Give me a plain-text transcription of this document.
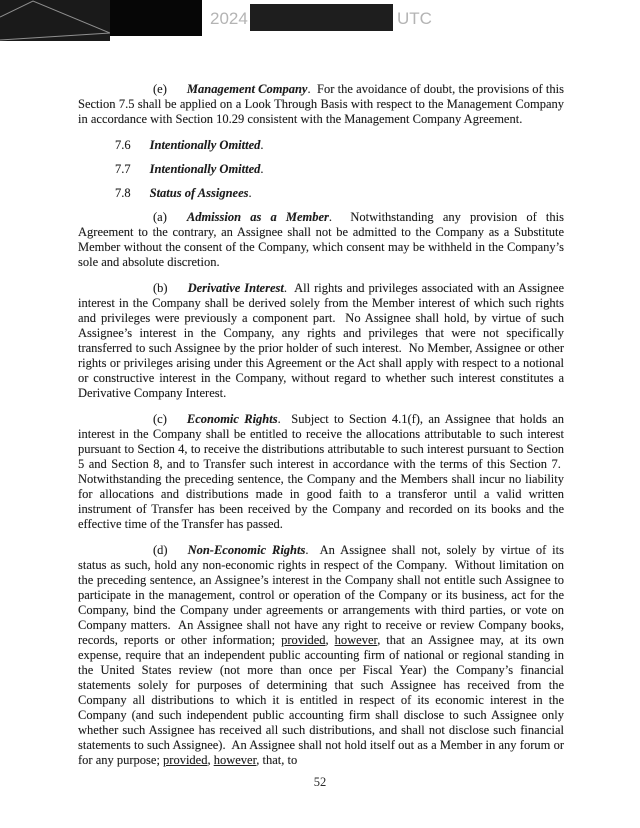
2024	UTC

(e) Management Company.  For the avoidance of doubt, the provisions of this Section 7.5 shall be applied on a Look Through Basis with respect to the Management Company in accordance with Section 10.29 consistent with the Management Company Agreement.

7.6 Intentionally Omitted.

7.7 Intentionally Omitted.

7.8 Status of Assignees.

(a) Admission as a Member.  Notwithstanding any provision of this Agreement to the contrary, an Assignee shall not be admitted to the Company as a Substitute Member without the consent of the Company, which consent may be withheld in the Company’s sole and absolute discretion.

(b) Derivative Interest.  All rights and privileges associated with an Assignee interest in the Company shall be derived solely from the Member interest of which such rights and privileges were previously a component part.  No Assignee shall hold, by virtue of such Assignee’s interest in the Company, any rights and privileges that were not specifically transferred to such Assignee by the prior holder of such interest.  No Member, Assignee or other rights or privileges arising under this Agreement or the Act shall apply with respect to a notional or constructive interest in the Company, without regard to whether such interest constitutes a Derivative Company Interest.

(c) Economic Rights.  Subject to Section 4.1(f), an Assignee that holds an interest in the Company shall be entitled to receive the allocations attributable to such interest pursuant to Section 4, to receive the distributions attributable to such interest pursuant to Section 5 and Section 8, and to Transfer such interest in accordance with the terms of this Section 7.  Notwithstanding the preceding sentence, the Company and the Members shall incur no liability for allocations and distributions made in good faith to a transferor until a valid written instrument of Transfer has been received by the Company and recorded on its books and the effective time of the Transfer has passed.

(d) Non-Economic Rights.  An Assignee shall not, solely by virtue of its status as such, hold any non-economic rights in respect of the Company.  Without limitation on the preceding sentence, an Assignee’s interest in the Company shall not entitle such Assignee to participate in the management, control or operation of the Company or its business, act for the Company, bind the Company under agreements or arrangements with third parties, or vote on Company matters.  An Assignee shall not have any right to receive or review Company books, records, reports or other information; provided, however, that an Assignee may, at its own expense, require that an independent public accounting firm of national or regional standing in the United States review (not more than once per Fiscal Year) the Company’s financial statements solely for purposes of determining that such Assignee has received from the Company all distributions to which it is entitled in respect of its economic interest in the Company (and such independent public accounting firm shall disclose to such Assignee only whether such Assignee has received all such distributions, and shall not disclose such financial statements to such Assignee).  An Assignee shall not hold itself out as a Member in any forum or for any purpose; provided, however, that, to

52
